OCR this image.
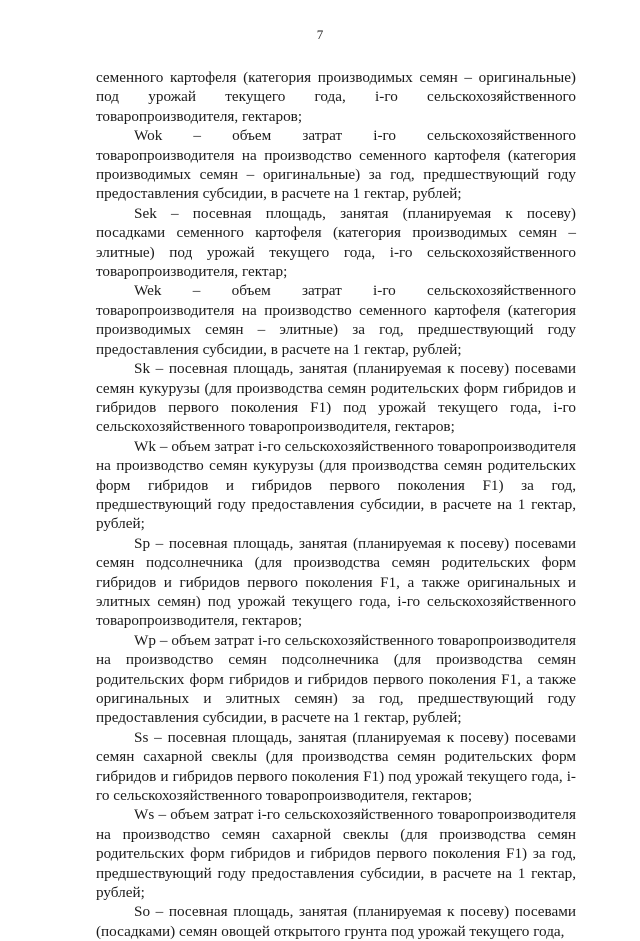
7

семенного картофеля (категория производимых семян – оригинальные) под урожай текущего года, i-го сельскохозяйственного товаропроизводителя, гектаров;

Wok – объем затрат i-го сельскохозяйственного товаропроизводителя на производство семенного картофеля (категория производимых семян – оригинальные) за год, предшествующий году предоставления субсидии, в расчете на 1 гектар, рублей;

Sek – посевная площадь, занятая (планируемая к посеву) посадками семенного картофеля (категория производимых семян – элитные) под урожай текущего года, i-го сельскохозяйственного товаропроизводителя, гектар;

Wek – объем затрат i-го сельскохозяйственного товаропроизводителя на производство семенного картофеля (категория производимых семян – элитные) за год, предшествующий году предоставления субсидии, в расчете на 1 гектар, рублей;

Sk – посевная площадь, занятая (планируемая к посеву) посевами семян кукурузы (для производства семян родительских форм гибридов и гибридов первого поколения F1) под урожай текущего года, i-го сельскохозяйственного товаропроизводителя, гектаров;

Wk – объем затрат i-го сельскохозяйственного товаропроизводителя на производство семян кукурузы (для производства семян родительских форм гибридов и гибридов первого поколения F1) за год, предшествующий году предоставления субсидии, в расчете на 1 гектар, рублей;

Sp – посевная площадь, занятая (планируемая к посеву) посевами семян подсолнечника (для производства семян родительских форм гибридов и гибридов первого поколения F1, а также оригинальных и элитных семян) под урожай текущего года, i-го сельскохозяйственного товаропроизводителя, гектаров;

Wp – объем затрат i-го сельскохозяйственного товаропроизводителя на производство семян подсолнечника (для производства семян родительских форм гибридов и гибридов первого поколения F1, а также оригинальных и элитных семян) за год, предшествующий году предоставления субсидии, в расчете на 1 гектар, рублей;

Ss – посевная площадь, занятая (планируемая к посеву) посевами семян сахарной свеклы (для производства семян родительских форм гибридов и гибридов первого поколения F1) под урожай текущего года, i-го сельскохозяйственного товаропроизводителя, гектаров;

Ws – объем затрат i-го сельскохозяйственного товаропроизводителя на производство семян сахарной свеклы (для производства семян родительских форм гибридов и гибридов первого поколения F1) за год, предшествующий году предоставления субсидии, в расчете на 1 гектар, рублей;

So – посевная площадь, занятая (планируемая к посеву) посевами (посадками) семян овощей открытого грунта под урожай текущего года,
